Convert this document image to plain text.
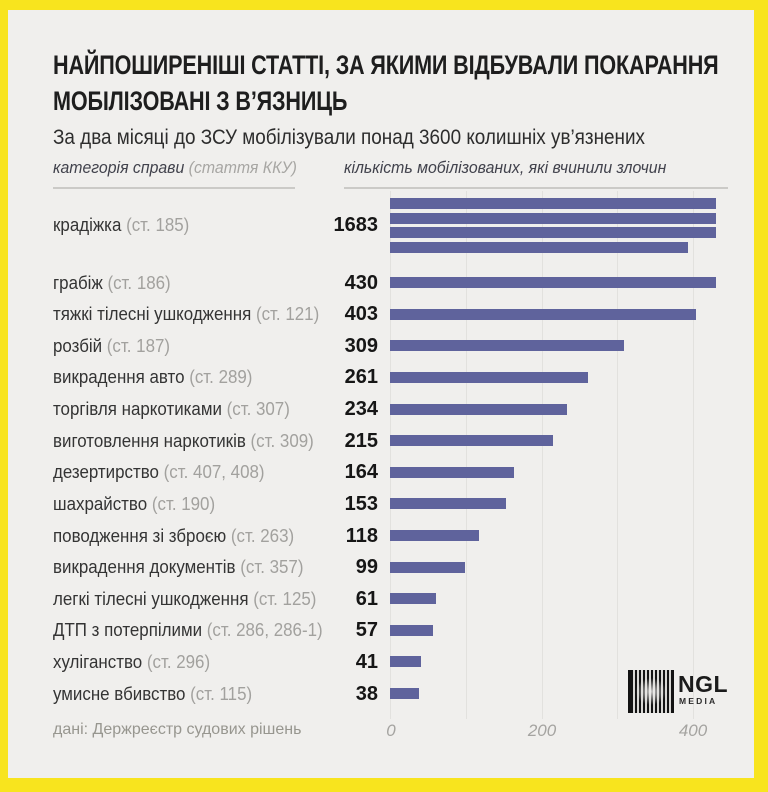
НАЙПОШИРЕНІШІ СТАТТІ, ЗА ЯКИМИ ВІДБУВАЛИ ПОКАРАННЯ
МОБІЛІЗОВАНІ З В’ЯЗНИЦЬ
За два місяці до ЗСУ мобілізували понад 3600 колишніх ув’язнених
категорія справи (стаття ККУ)	кількість мобілізованих, які вчинили злочин
крадіжка (ст. 185)	1683
грабіж (ст. 186)	430
тяжкі тілесні ушкодження (ст. 121)	403
розбій (ст. 187)	309
викрадення авто (ст. 289)	261
торгівля наркотиками (ст. 307)	234
виготовлення наркотиків (ст. 309)	215
дезертирство (ст. 407, 408)	164
шахрайство (ст. 190)	153
поводження зі зброєю (ст. 263)	118
викрадення документів (ст. 357)	99
легкі тілесні ушкодження (ст. 125)	61
ДТП з потерпілими (ст. 286, 286-1)	57
хуліганство (ст. 296)	41
умисне вбивство (ст. 115)	38
0	200	400
дані: Держреєстр судових рішень
NGL
MEDIA
